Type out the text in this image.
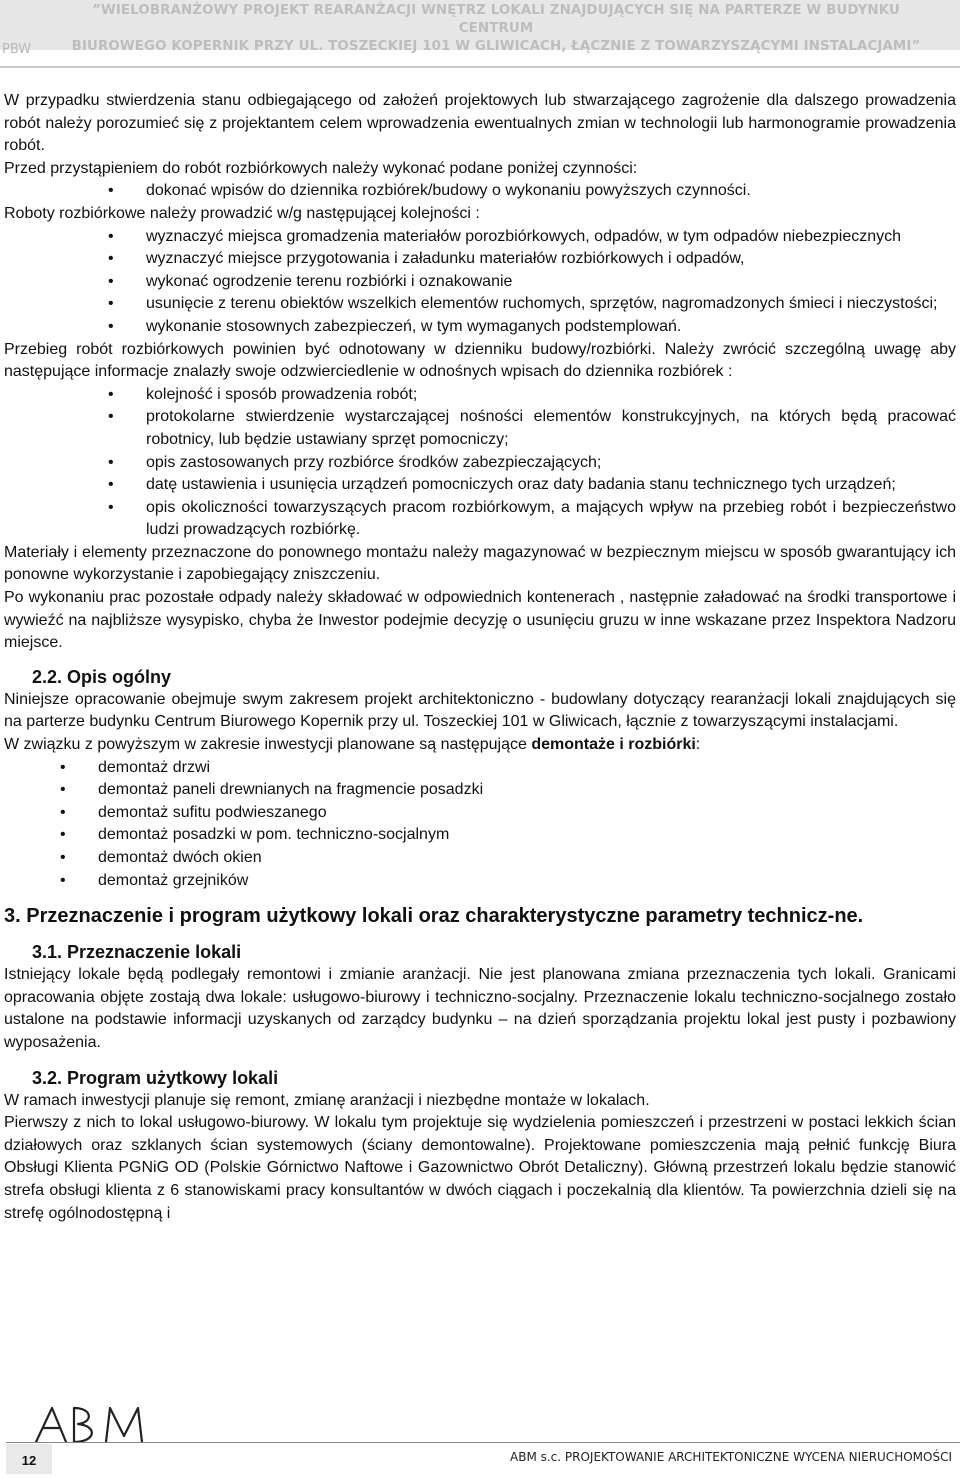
”WIELOBRANŻOWY PROJEKT REARANŻACJI WNĘTRZ LOKALI ZNAJDUJĄCYCH SIĘ NA PARTERZE W BUDYNKU CENTRUM
BIUROWEGO KOPERNIK PRZY UL. TOSZECKIEJ 101 W GLIWICACH, ŁĄCZNIE Z TOWARZYSZĄCYMI INSTALACJAMI”
PBW

W przypadku stwierdzenia stanu odbiegającego od założeń projektowych lub stwarzającego zagrożenie dla dalszego prowadzenia robót należy porozumieć się z projektantem celem wprowadzenia ewentualnych zmian w technologii lub harmonogramie prowadzenia robót.

Przed przystąpieniem do robót rozbiórkowych należy wykonać podane poniżej czynności:

• dokonać wpisów do dziennika rozbiórek/budowy o wykonaniu powyższych czynności.

Roboty rozbiórkowe należy prowadzić w/g następującej kolejności :

• wyznaczyć miejsca gromadzenia materiałów porozbiórkowych, odpadów, w tym odpadów niebezpiecznych
• wyznaczyć miejsce przygotowania i załadunku materiałów rozbiórkowych i odpadów,
• wykonać ogrodzenie terenu rozbiórki i oznakowanie
• usunięcie z terenu obiektów wszelkich elementów ruchomych, sprzętów, nagromadzonych śmieci i nieczystości;
• wykonanie stosownych zabezpieczeń, w tym wymaganych podstemplowań.

Przebieg robót rozbiórkowych powinien być odnotowany w dzienniku budowy/rozbiórki. Należy zwrócić szczególną uwagę aby następujące informacje znalazły swoje odzwierciedlenie w odnośnych wpisach do dziennika rozbiórek :

• kolejność i sposób prowadzenia robót;
• protokolarne stwierdzenie wystarczającej nośności elementów konstrukcyjnych, na których będą pracować robotnicy, lub będzie ustawiany sprzęt pomocniczy;
• opis zastosowanych przy rozbiórce środków zabezpieczających;
• datę ustawienia i usunięcia urządzeń pomocniczych oraz daty badania stanu technicznego tych urządzeń;
• opis okoliczności towarzyszących pracom rozbiórkowym, a mających wpływ na przebieg robót i bezpieczeństwo ludzi prowadzących rozbiórkę.

Materiały i elementy przeznaczone do ponownego montażu należy magazynować w bezpiecznym miejscu w sposób gwarantujący ich ponowne wykorzystanie i zapobiegający zniszczeniu.

Po wykonaniu prac pozostałe odpady należy składować w odpowiednich kontenerach , następnie załadować na środki transportowe i wywieźć na najbliższe wysypisko, chyba że Inwestor podejmie decyzję o usunięciu gruzu w inne wskazane przez Inspektora Nadzoru miejsce.

2.2. Opis ogólny

Niniejsze opracowanie obejmuje swym zakresem projekt architektoniczno - budowlany dotyczący rearanżacji lokali znajdujących się na parterze budynku Centrum Biurowego Kopernik przy ul. Toszeckiej 101 w Gliwicach, łącznie z towarzyszącymi instalacjami.

W związku z powyższym w zakresie inwestycji planowane są następujące demontaże i rozbiórki:

• demontaż drzwi
• demontaż paneli drewnianych na fragmencie posadzki
• demontaż sufitu podwieszanego
• demontaż posadzki w pom. techniczno-socjalnym
• demontaż dwóch okien
• demontaż grzejników
3. Przeznaczenie i program użytkowy lokali oraz charakterystyczne parametry technicz-ne.
3.1. Przeznaczenie lokali

Istniejący lokale będą podlegały remontowi i zmianie aranżacji. Nie jest planowana zmiana przeznaczenia tych lokali. Granicami opracowania objęte zostają dwa lokale: usługowo-biurowy i techniczno-socjalny. Przeznaczenie lokalu techniczno-socjalnego zostało ustalone na podstawie informacji uzyskanych od zarządcy budynku – na dzień sporządzania projektu lokal jest pusty i pozbawiony wyposażenia.

3.2. Program użytkowy lokali

W ramach inwestycji planuje się remont, zmianę aranżacji i niezbędne montaże w lokalach.

Pierwszy z nich to lokal usługowo-biurowy. W lokalu tym projektuje się wydzielenia pomieszczeń i przestrzeni w postaci lekkich ścian działowych oraz szklanych ścian systemowych (ściany demontowalne). Projektowane pomieszczenia mają pełnić funkcję Biura Obsługi Klienta PGNiG OD (Polskie Górnictwo Naftowe i Gazownictwo Obrót Detaliczny). Główną przestrzeń lokalu będzie stanowić strefa obsługi klienta z 6 stanowiskami pracy konsultantów w dwóch ciągach i poczekalnią dla klientów. Ta powierzchnia dzieli się na strefę ogólnodostępną i

12	ABM s.c. PROJEKTOWANIE ARCHITEKTONICZNE WYCENA NIERUCHOMOŚCI
